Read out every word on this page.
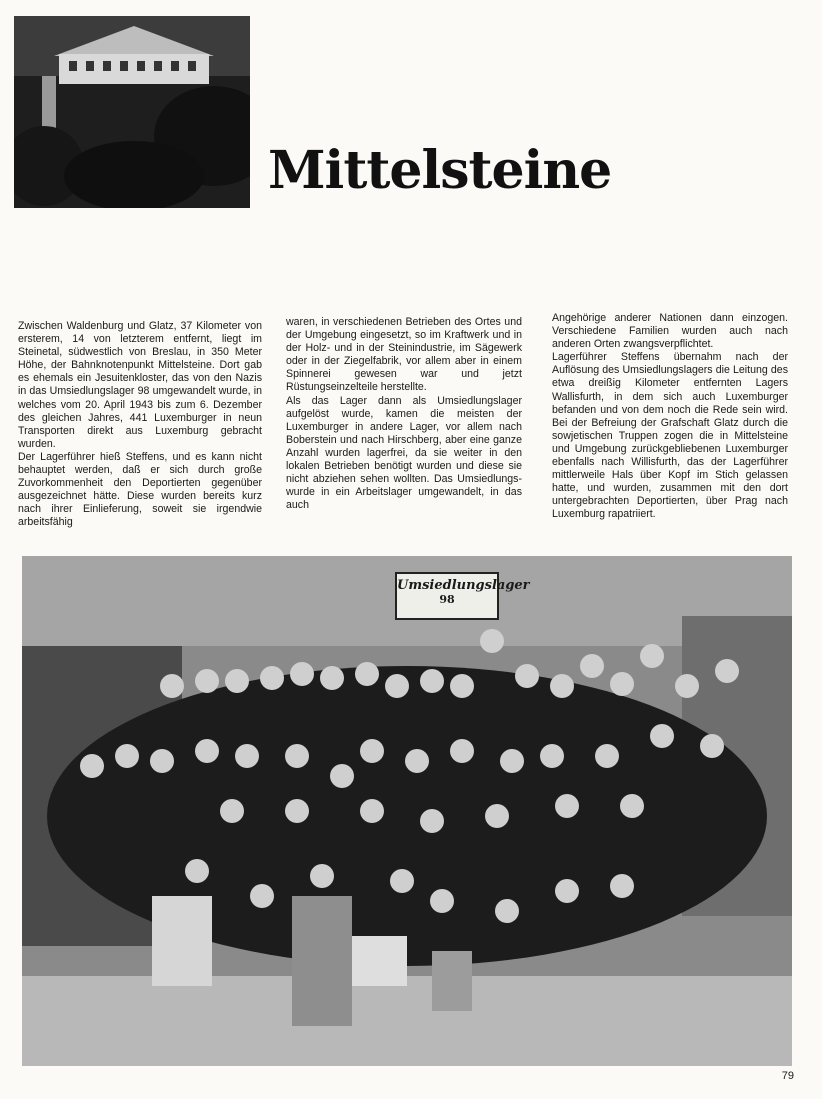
Mittelsteine

Zwischen Waldenburg und Glatz, 37 Kilometer von ersterem, 14 von letzterem entfernt, liegt im Steinetal, südwestlich von Breslau, in 350 Meter Höhe, der Bahnknotenpunkt Mittelsteine. Dort gab es ehemals ein Jesuitenkloster, das von den Nazis in das Umsiedlungslager 98 umgewandelt wurde, in welches vom 20. April 1943 bis zum 6. Dezember des gleichen Jahres, 441 Luxemburger in neun Transporten direkt aus Luxemburg gebracht wurden.

Der Lagerführer hieß Steffens, und es kann nicht behauptet werden, daß er sich durch große Zuvorkommenheit den Deportierten gegenüber ausgezeichnet hätte. Diese wurden bereits kurz nach ihrer Einlieferung, soweit sie irgendwie arbeitsfähig

waren, in verschiedenen Betrieben des Ortes und der Umgebung eingesetzt, so im Kraftwerk und in der Holz- und in der Steinindustrie, im Sägewerk oder in der Ziegelfabrik, vor allem aber in einem Spinnerei gewesen war und jetzt Rüstungseinzelteile herstellte.

Als das Lager dann als Umsiedlungslager aufgelöst wurde, kamen die meisten der Luxemburger in andere Lager, vor allem nach Boberstein und nach Hirschberg, aber eine ganze Anzahl wurden lagerfrei, da sie weiter in den lokalen Betrieben benötigt wurden und diese sie nicht abziehen sehen wollten. Das Umsiedlungs- wurde in ein Arbeitslager umgewandelt, in das auch

Angehörige anderer Nationen dann einzogen. Verschiedene Familien wurden auch nach anderen Orten zwangsverpflichtet.

Lagerführer Steffens übernahm nach der Auflösung des Umsiedlungslagers die Leitung des etwa dreißig Kilometer entfernten Lagers Wallisfurth, in dem sich auch Luxemburger befanden und von dem noch die Rede sein wird. Bei der Befreiung der Grafschaft Glatz durch die sowjetischen Truppen zogen die in Mittelsteine und Umgebung zurückgebliebenen Luxemburger ebenfalls nach Willisfurth, das der Lagerführer mittlerweile Hals über Kopf im Stich gelassen hatte, und wurden, zusammen mit den dort untergebrachten Deportierten, über Prag nach Luxemburg rapatriiert.

Umsiedlungslager
98
79
